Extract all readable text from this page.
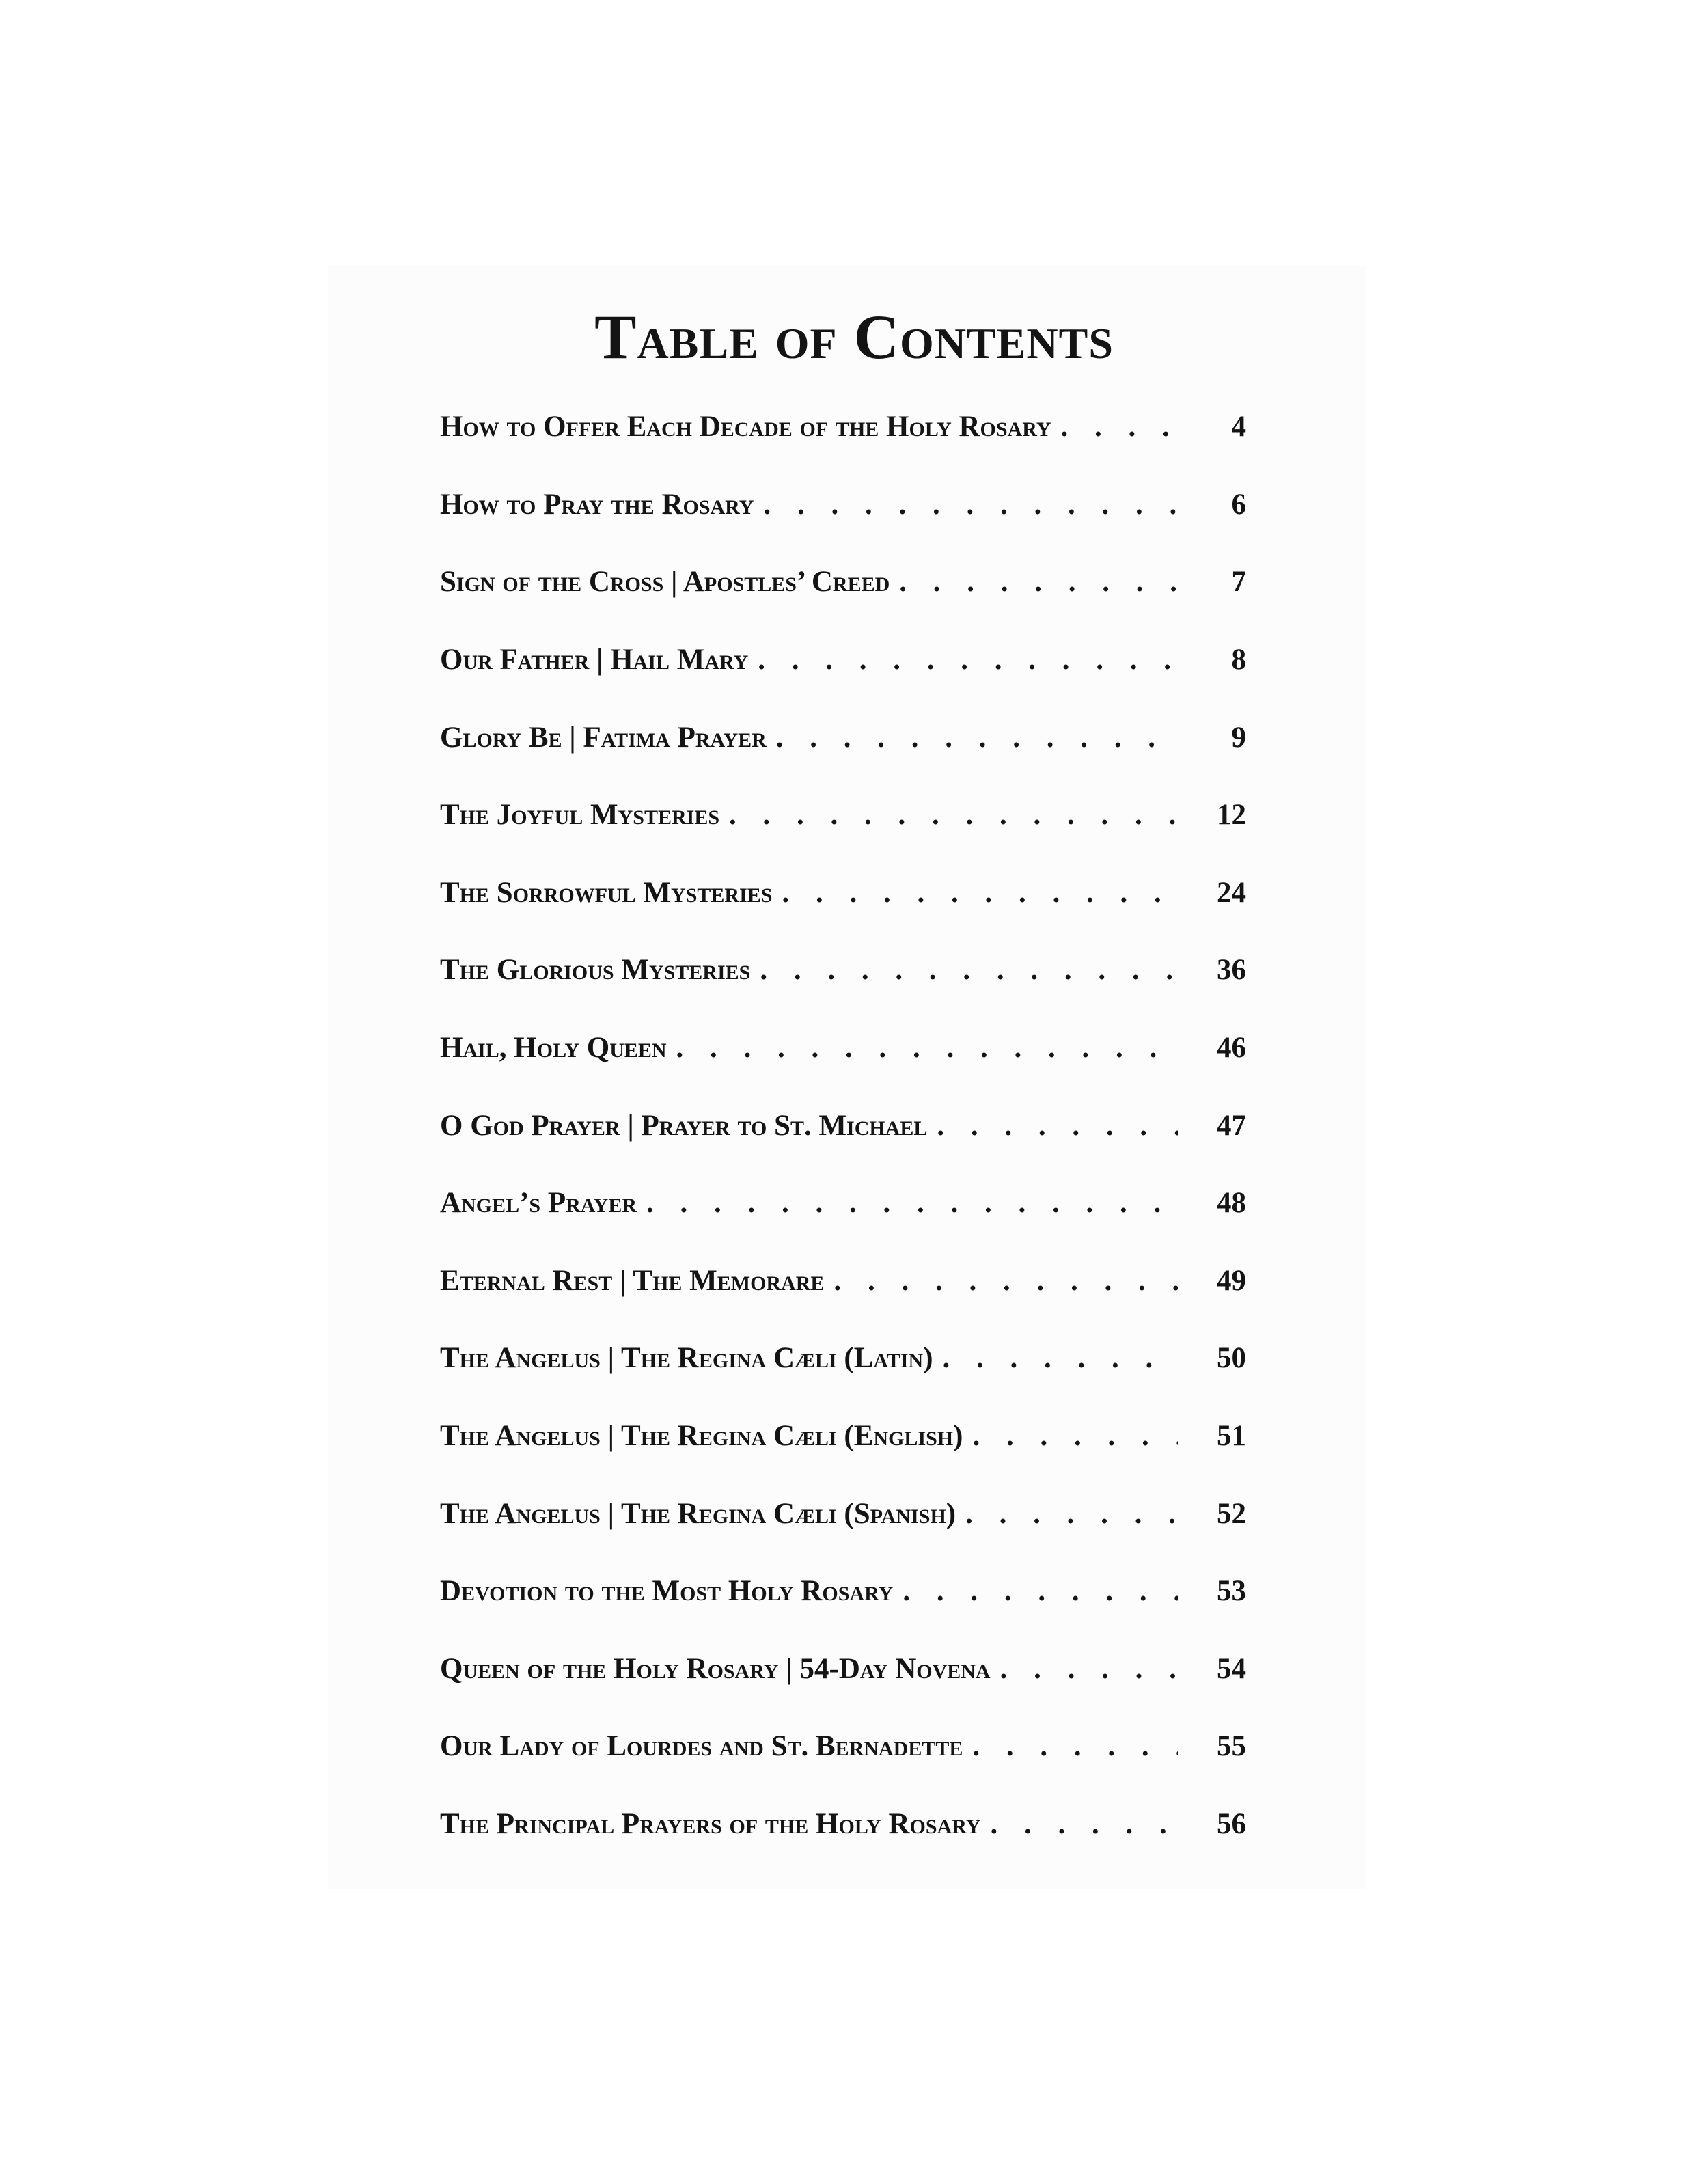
Table of Contents
How to Offer Each Decade of the Holy Rosary . . .	4
How to Pray the Rosary . . .	6
Sign of the Cross | Apostles’ Creed . . .	7
Our Father | Hail Mary . . .	8
Glory Be | Fatima Prayer . . .	9
The Joyful Mysteries . . .	12
The Sorrowful Mysteries . . .	24
The Glorious Mysteries . . .	36
Hail, Holy Queen . . .	46
O God Prayer | Prayer to St. Michael . . .	47
Angel’s Prayer . . .	48
Eternal Rest | The Memorare . . .	49
The Angelus | The Regina Cæli (Latin) . . .	50
The Angelus | The Regina Cæli (English) . . .	51
The Angelus | The Regina Cæli (Spanish) . . .	52
Devotion to the Most Holy Rosary . . .	53
Queen of the Holy Rosary | 54-Day Novena . . .	54
Our Lady of Lourdes and St. Bernadette . . .	55
The Principal Prayers of the Holy Rosary . . .	56
